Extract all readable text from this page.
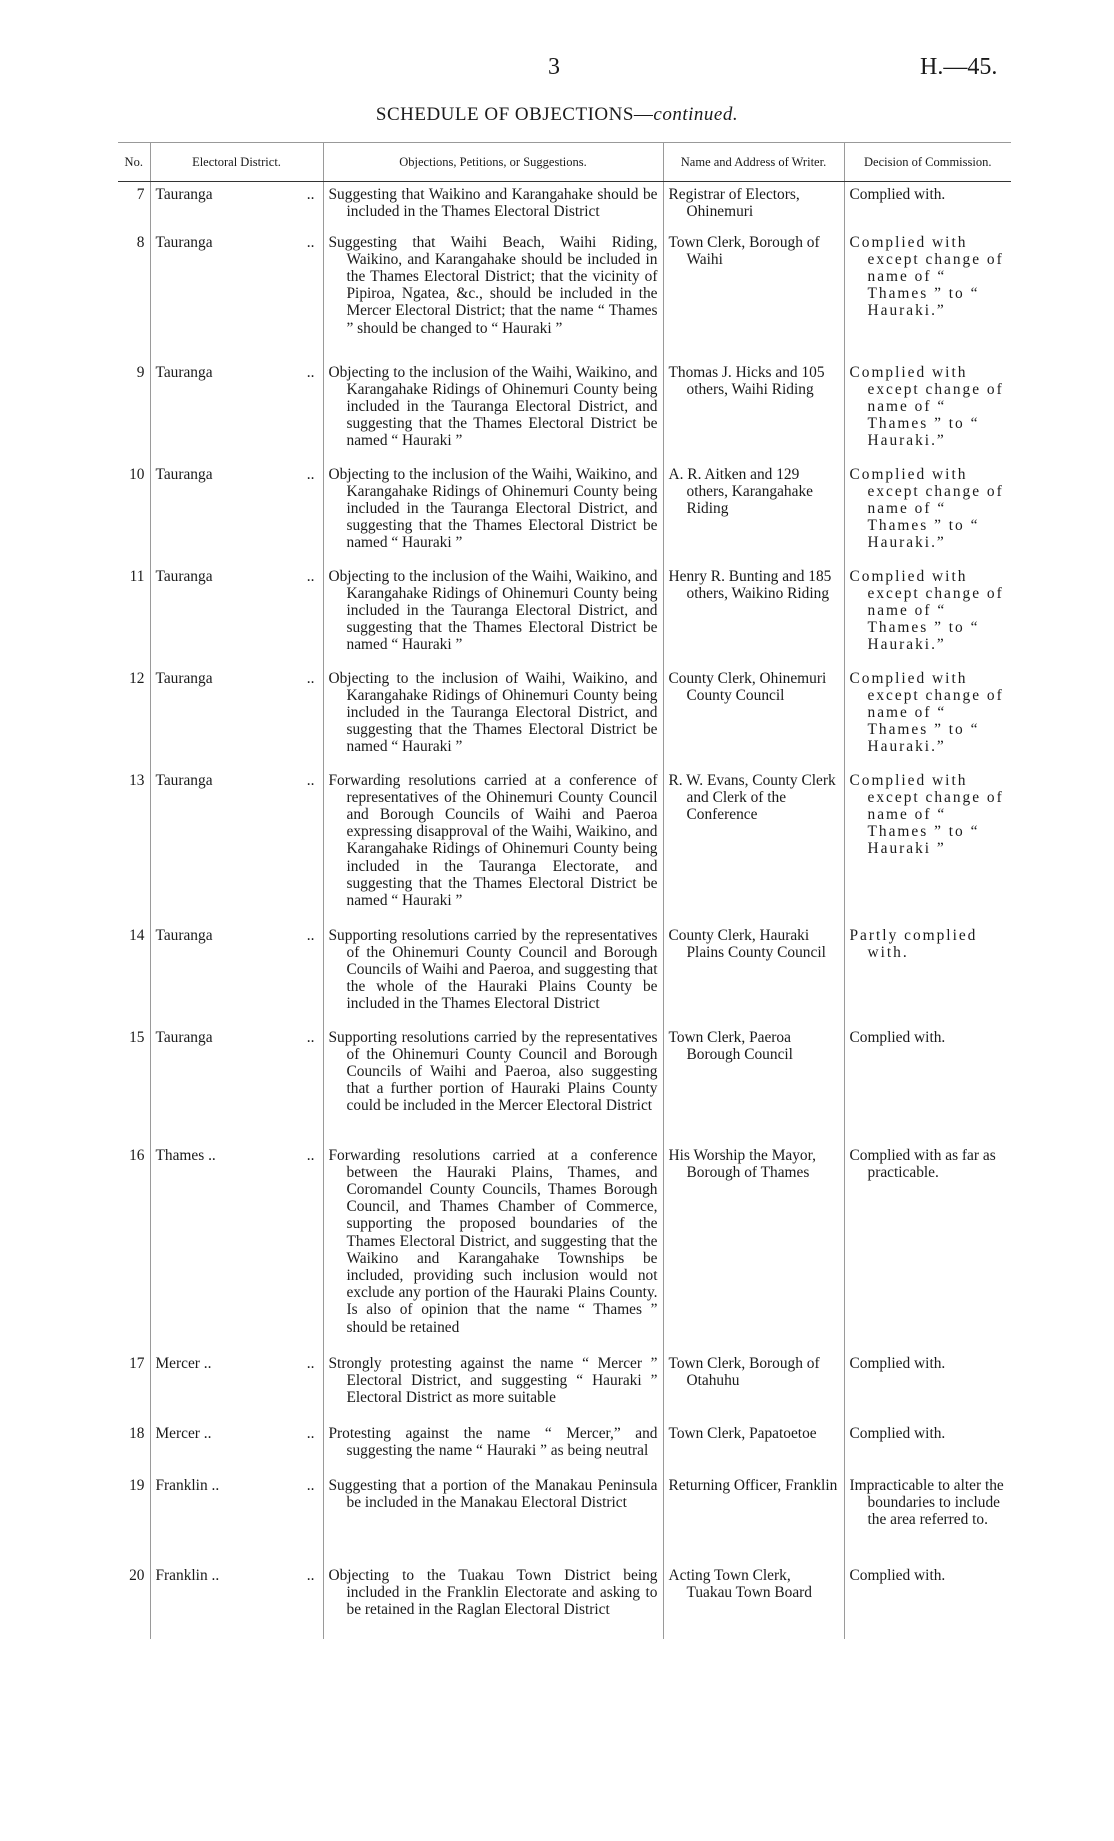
3	H.—45.
SCHEDULE OF OBJECTIONS—continued.
No.	Electoral District.	Objections, Petitions, or Suggestions.	Name and Address of Writer.	Decision of Commission.
7	Tauranga ..	Suggesting that Waikino and Karangahake should be included in the Thames Electoral District	Registrar of Electors, Ohinemuri	Complied with.

8	Tauranga ..	Suggesting that Waihi Beach, Waihi Riding, Waikino, and Karangahake should be included in the Thames Electoral District; that the vicinity of Pipiroa, Ngatea, &c., should be included in the Mercer Electoral District; that the name “ Thames ” should be changed to “ Hauraki ”	Town Clerk, Borough of Waihi	Complied with except change of name of “ Thames ” to “ Hauraki.”

9	Tauranga ..	Objecting to the inclusion of the Waihi, Waikino, and Karangahake Ridings of Ohinemuri County being included in the Tauranga Electoral District, and suggesting that the Thames Electoral District be named “ Hauraki ”	Thomas J. Hicks and 105 others, Waihi Riding	Complied with except change of name of “ Thames ” to “ Hauraki.”

10	Tauranga ..	Objecting to the inclusion of the Waihi, Waikino, and Karangahake Ridings of Ohinemuri County being included in the Tauranga Electoral District, and suggesting that the Thames Electoral District be named “ Hauraki ”	A. R. Aitken and 129 others, Karangahake Riding	Complied with except change of name of “ Thames ” to “ Hauraki.”

11	Tauranga ..	Objecting to the inclusion of the Waihi, Waikino, and Karangahake Ridings of Ohinemuri County being included in the Tauranga Electoral District, and suggesting that the Thames Electoral District be named “ Hauraki ”	Henry R. Bunting and 185 others, Waikino Riding	Complied with except change of name of “ Thames ” to “ Hauraki.”

12	Tauranga ..	Objecting to the inclusion of Waihi, Waikino, and Karangahake Ridings of Ohinemuri County being included in the Tauranga Electoral District, and suggesting that the Thames Electoral District be named “ Hauraki ”	County Clerk, Ohinemuri County Council	Complied with except change of name of “ Thames ” to “ Hauraki.”

13	Tauranga ..	Forwarding resolutions carried at a conference of representatives of the Ohinemuri County Council and Borough Councils of Waihi and Paeroa expressing disapproval of the Waihi, Waikino, and Karangahake Ridings of Ohinemuri County being included in the Tauranga Electorate, and suggesting that the Thames Electoral District be named “ Hauraki ”	R. W. Evans, County Clerk and Clerk of the Conference	Complied with except change of name of “ Thames ” to “ Hauraki ”

14	Tauranga ..	Supporting resolutions carried by the representatives of the Ohinemuri County Council and Borough Councils of Waihi and Paeroa, and suggesting that the whole of the Hauraki Plains County be included in the Thames Electoral District	County Clerk, Hauraki Plains County Council	Partly complied with.

15	Tauranga ..	Supporting resolutions carried by the representatives of the Ohinemuri County Council and Borough Councils of Waihi and Paeroa, also suggesting that a further portion of Hauraki Plains County could be included in the Mercer Electoral District	Town Clerk, Paeroa Borough Council	Complied with.

16	Thames .. ..	Forwarding resolutions carried at a conference between the Hauraki Plains, Thames, and Coromandel County Councils, Thames Borough Council, and Thames Chamber of Commerce, supporting the proposed boundaries of the Thames Electoral District, and suggesting that the Waikino and Karangahake Townships be included, providing such inclusion would not exclude any portion of the Hauraki Plains County. Is also of opinion that the name “ Thames ” should be retained	His Worship the Mayor, Borough of Thames	Complied with as far as practicable.

17	Mercer .. ..	Strongly protesting against the name “ Mercer ” Electoral District, and suggesting “ Hauraki ” Electoral District as more suitable	Town Clerk, Borough of Otahuhu	Complied with.

18	Mercer .. ..	Protesting against the name “ Mercer,” and suggesting the name “ Hauraki ” as being neutral	Town Clerk, Papatoetoe	Complied with.

19	Franklin .. ..	Suggesting that a portion of the Manakau Peninsula be included in the Manakau Electoral District	Returning Officer, Franklin	Impracticable to alter the boundaries to include the area referred to.

20	Franklin .. ..	Objecting to the Tuakau Town District being included in the Franklin Electorate and asking to be retained in the Raglan Electoral District	Acting Town Clerk, Tuakau Town Board	Complied with.
